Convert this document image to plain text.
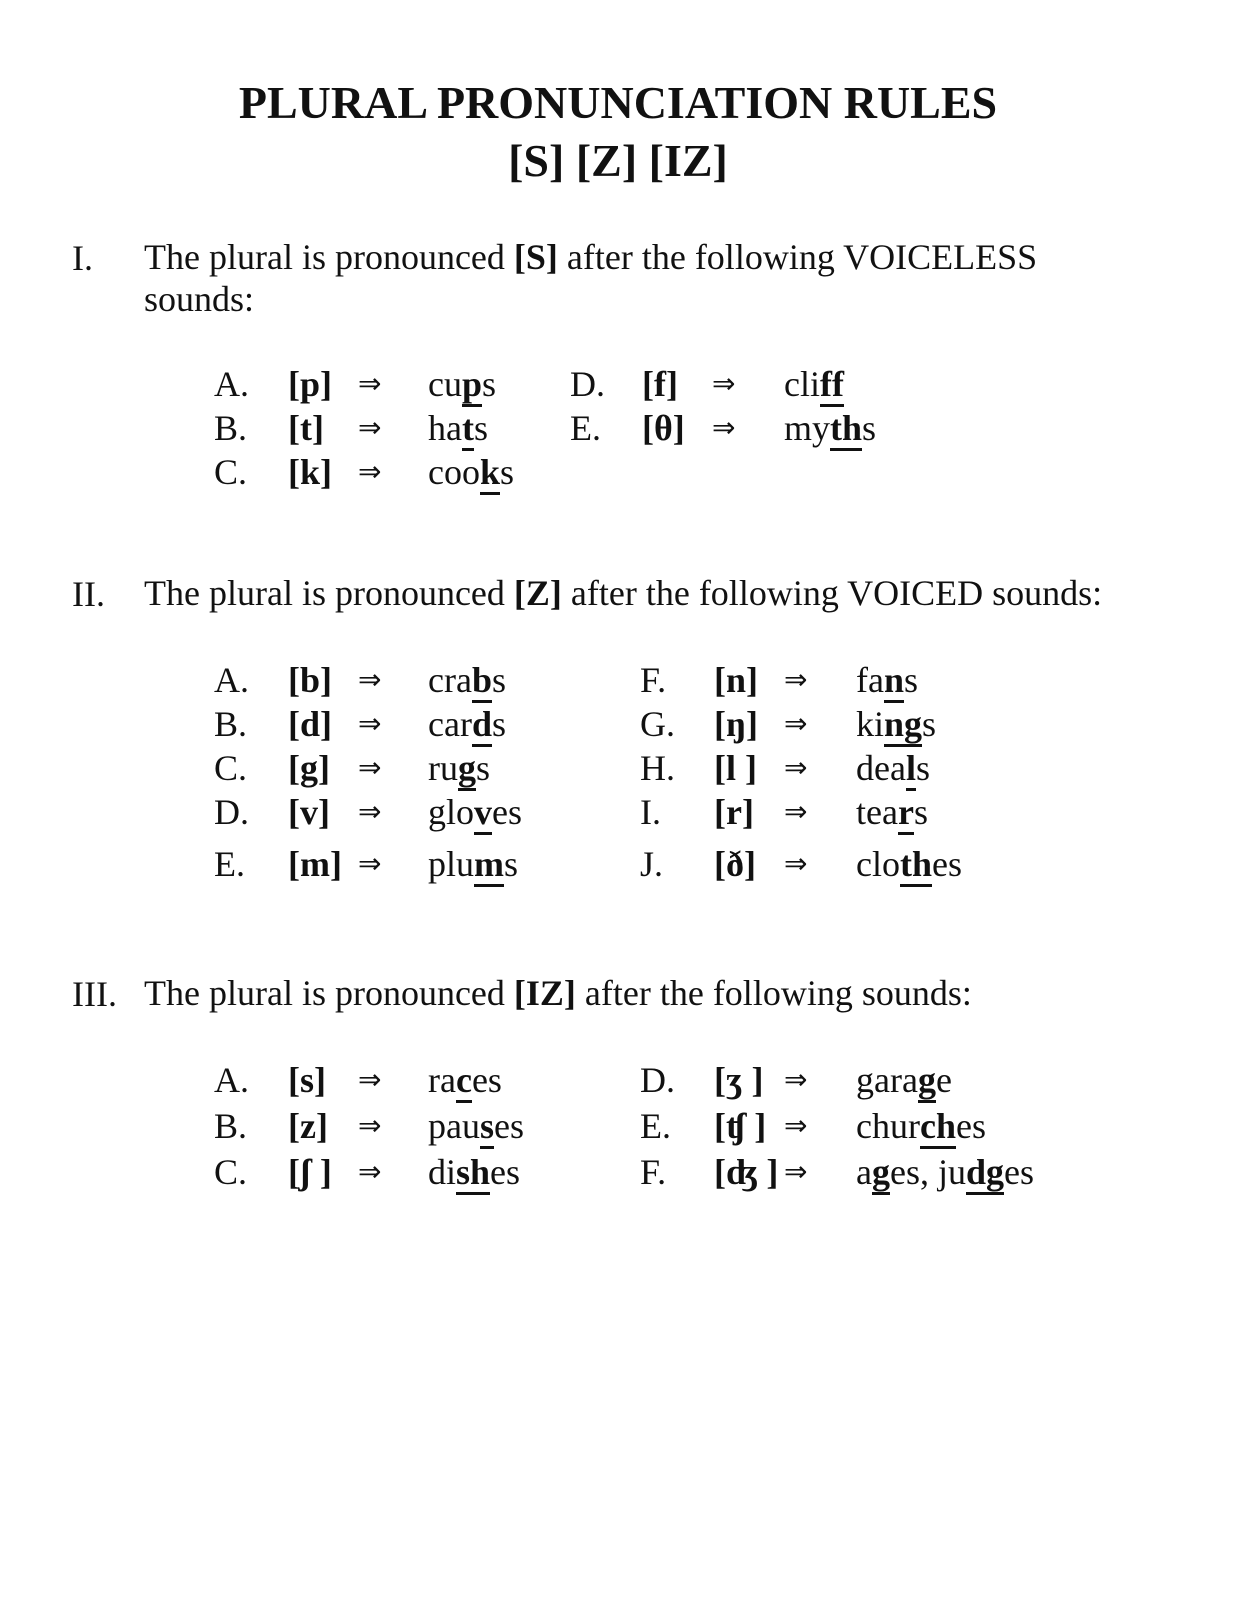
PLURAL PRONUNCIATION RULES
[S] [Z] [IZ]
I. The plural is pronounced [S] after the following VOICELESS sounds:
A. [p] ⇒ cups
B. [t] ⇒ hats
C. [k] ⇒ cooks
D. [f] ⇒ cliff
E. [θ] ⇒ myths
II. The plural is pronounced [Z] after the following VOICED sounds:
A. [b] ⇒ crabs
B. [d] ⇒ cards
C. [g] ⇒ rugs
D. [v] ⇒ gloves
E. [m] ⇒ plums
F. [n] ⇒ fans
G. [ŋ] ⇒ kings
H. [l ] ⇒ deals
I. [r] ⇒ tears
J. [ð] ⇒ clothes
III. The plural is pronounced [IZ] after the following sounds:
A. [s] ⇒ races
B. [z] ⇒ pauses
C. [ʃ ] ⇒ dishes
D. [ʒ ] ⇒ garage
E. [ʧ ] ⇒ churches
F. [ʤ ] ⇒ ages, judges
